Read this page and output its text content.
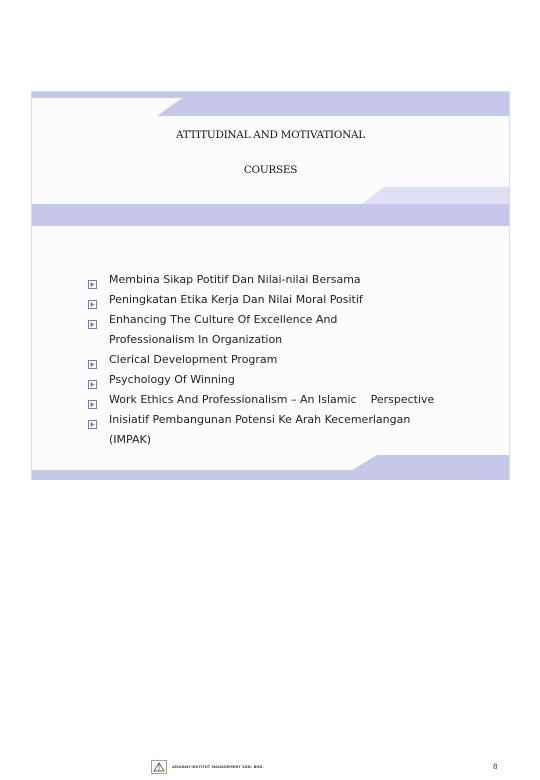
ATTITUDINAL AND MOTIVATIONAL
COURSES
Membina Sikap Potitif Dan Nilai-nilai Bersama
Peningkatan Etika Kerja Dan Nilai Moral Positif
Enhancing The Culture Of Excellence And
Professionalism In Organization
Clerical Development Program
Psychology Of Winning
Work Ethics And Professionalism – An Islamic Perspective
Inisiatif Pembangunan Potensi Ke Arah Kecemerlangan
(IMPAK)
AMANAH INSTITUT MANAGEMENT SDN. BHD.	8
